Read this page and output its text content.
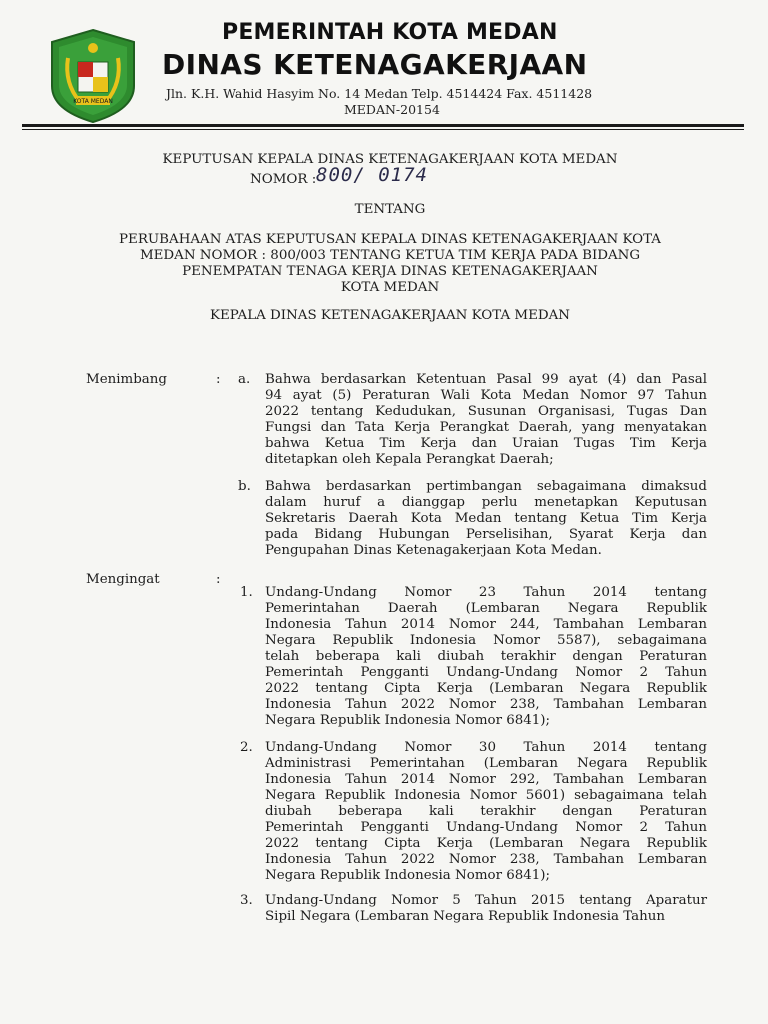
KOTA MEDAN
PEMERINTAH KOTA MEDAN
DINAS KETENAGAKERJAAN
Jln. K.H. Wahid Hasyim No. 14 Medan Telp. 4514424 Fax. 4511428
MEDAN-20154
KEPUTUSAN KEPALA DINAS KETENAGAKERJAAN KOTA MEDAN
NOMOR : 800/ 0174
TENTANG
PERUBAHAAN ATAS KEPUTUSAN KEPALA DINAS KETENAGAKERJAAN KOTA
MEDAN NOMOR : 800/003 TENTANG KETUA TIM KERJA PADA BIDANG
PENEMPATAN TENAGA KERJA DINAS KETENAGAKERJAAN
KOTA MEDAN
KEPALA DINAS KETENAGAKERJAAN KOTA MEDAN
Menimbang	: a. Bahwa berdasarkan Ketentuan Pasal 99 ayat (4) dan Pasal
94 ayat (5) Peraturan Wali Kota Medan Nomor 97 Tahun
2022 tentang Kedudukan, Susunan Organisasi, Tugas Dan
Fungsi dan Tata Kerja Perangkat Daerah, yang menyatakan
bahwa Ketua Tim Kerja dan Uraian Tugas Tim Kerja
ditetapkan oleh Kepala Perangkat Daerah;
b. Bahwa berdasarkan pertimbangan sebagaimana dimaksud
dalam huruf a dianggap perlu menetapkan Keputusan
Sekretaris Daerah Kota Medan tentang Ketua Tim Kerja
pada Bidang Hubungan Perselisihan, Syarat Kerja dan
Pengupahan Dinas Ketenagakerjaan Kota Medan.
Mengingat	:
1. Undang-Undang Nomor 23 Tahun 2014 tentang
Pemerintahan Daerah (Lembaran Negara Republik
Indonesia Tahun 2014 Nomor 244, Tambahan Lembaran
Negara Republik Indonesia Nomor 5587), sebagaimana
telah beberapa kali diubah terakhir dengan Peraturan
Pemerintah Pengganti Undang-Undang Nomor 2 Tahun
2022 tentang Cipta Kerja (Lembaran Negara Republik
Indonesia Tahun 2022 Nomor 238, Tambahan Lembaran
Negara Republik Indonesia Nomor 6841);
2. Undang-Undang Nomor 30 Tahun 2014 tentang
Administrasi Pemerintahan (Lembaran Negara Republik
Indonesia Tahun 2014 Nomor 292, Tambahan Lembaran
Negara Republik Indonesia Nomor 5601) sebagaimana telah
diubah beberapa kali terakhir dengan Peraturan
Pemerintah Pengganti Undang-Undang Nomor 2 Tahun
2022 tentang Cipta Kerja (Lembaran Negara Republik
Indonesia Tahun 2022 Nomor 238, Tambahan Lembaran
Negara Republik Indonesia Nomor 6841);
3. Undang-Undang Nomor 5 Tahun 2015 tentang Aparatur
Sipil Negara (Lembaran Negara Republik Indonesia Tahun
